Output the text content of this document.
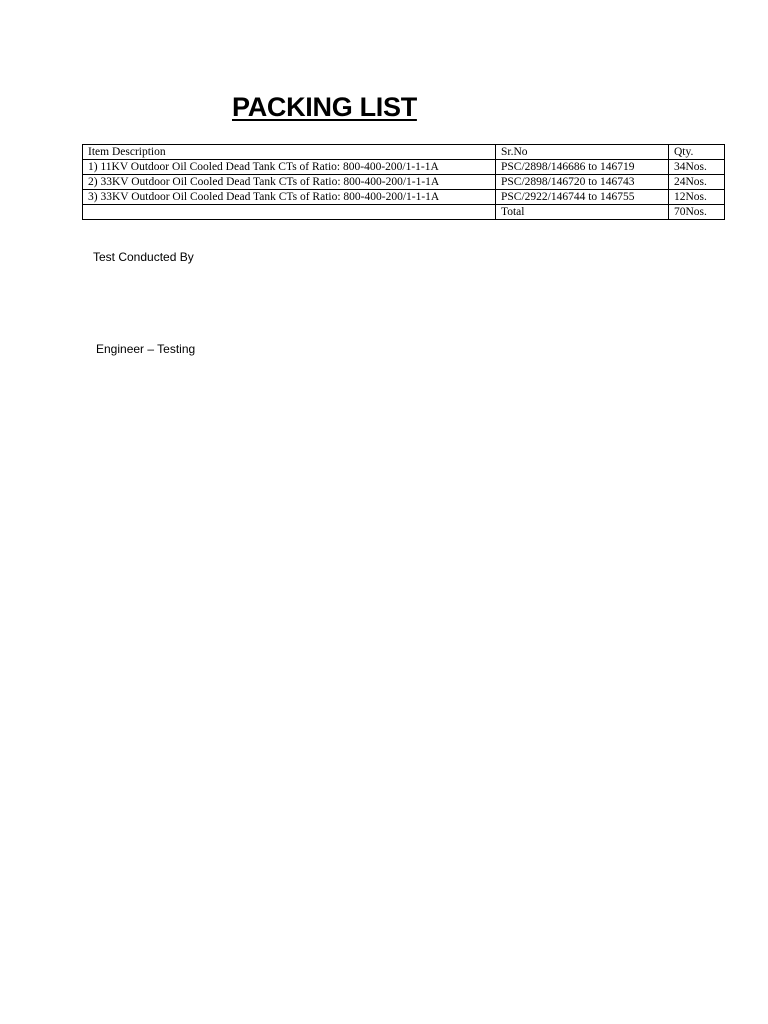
PACKING LIST
Item Description	Sr.No	Qty.
1) 11KV Outdoor Oil Cooled Dead Tank CTs of Ratio: 800-400-200/1-1-1A	PSC/2898/146686 to 146719	34Nos.
2) 33KV Outdoor Oil Cooled Dead Tank CTs of Ratio: 800-400-200/1-1-1A	PSC/2898/146720 to 146743	24Nos.
3) 33KV Outdoor Oil Cooled Dead Tank CTs of Ratio: 800-400-200/1-1-1A	PSC/2922/146744 to 146755	12Nos.
	Total	70Nos.

Test Conducted By

Engineer – Testing
